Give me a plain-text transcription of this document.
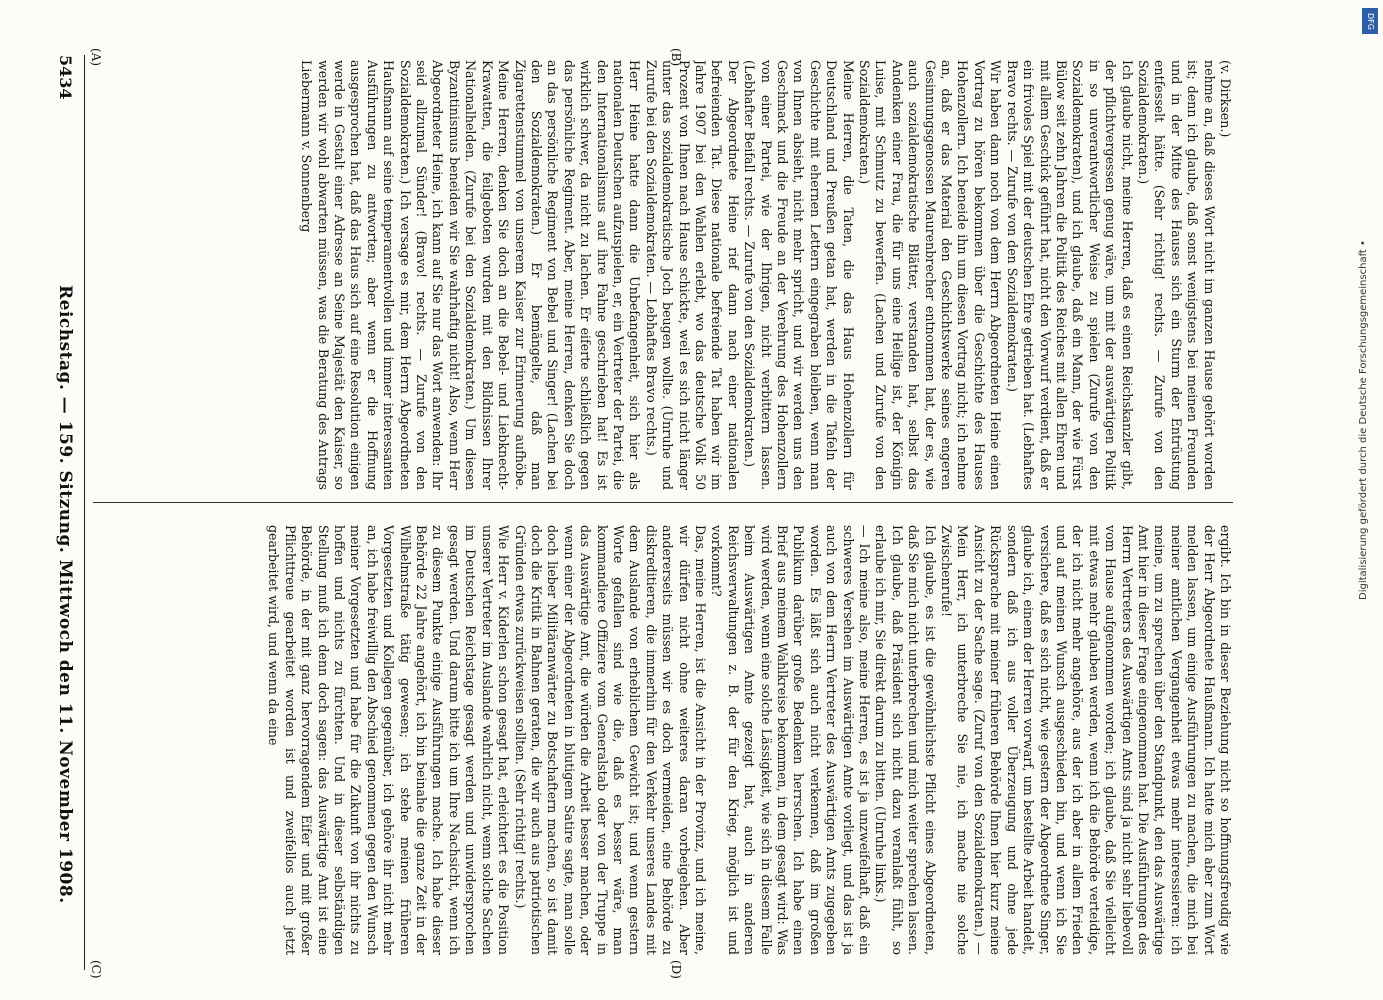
DFG
Digitalisierung gefördert durch die Deutsche Forschungsgemeinschaft •
5434
Reichstag. — 159. Sitzung. Mittwoch den 11. November 1908.

(v. Dirksen.)

nehme an, daß dieses Wort nicht im ganzen Hause gehört worden ist; denn ich glaube, daß sonst wenigstens bei meinen Freunden und in der Mitte des Hauses sich ein Sturm der Entrüstung entfesselt hätte. (Sehr richtig! rechts. — Zurufe von den Sozialdemokraten.)

Ich glaube nicht, meine Herren, daß es einen Reichskanzler gibt, der pflichtvergessen genug wäre, um mit der auswärtigen Politik in so unverantwortlicher Weise zu spielen (Zurufe von den Sozialdemokraten), und ich glaube, daß ein Mann, der wie Fürst Bülow seit zehn Jahren die Politik des Reiches mit allen Ehren und mit allem Geschick geführt hat, nicht den Vorwurf verdient, daß er ein frivoles Spiel mit der deutschen Ehre getrieben hat. (Lebhaftes Bravo rechts. — Zurufe von den Sozialdemokraten.)

Wir haben dann noch von dem Herrn Abgeordneten Heine einen Vortrag zu hören bekommen über die Geschichte des Hauses Hohenzollern. Ich beneide ihn um diesen Vortrag nicht; ich nehme an, daß er das Material den Geschichtswerke seines engeren Gesinnungsgenossen Maurenbrecher entnommen hat, der es, wie auch sozialdemokratische Blätter, verstanden hat, selbst das Andenken einer Frau, die für uns eine Heilige ist, der Königin Luise, mit Schmutz zu bewerfen. (Lachen und Zurufe von den Sozialdemokraten.)

Meine Herren, die Taten, die das Haus Hohenzollern für Deutschland und Preußen getan hat, werden in die Tafeln der Geschichte mit ehernen Lettern eingegraben bleiben, wenn man von Ihnen absieht, nicht mehr spricht, und wir werden uns den Geschmack und die Freude an der Verehrung des Hohenzollern von einer Partei, wie der Ihrigen, nicht verbittern lassen. (Lebhafter Beifall rechts. — Zurufe von den Sozialdemokraten.)

Der Abgeordnete Heine rief dann nach einer nationalen befreienden Tat. Diese nationale befreiende Tat haben wir im Jahre 1907 bei den Wahlen erlebt, wo das deutsche Volk 50 Prozent von Ihnen nach Hause schickte, weil es sich nicht länger unter das sozialdemokratische Joch beugen wollte. (Unruhe und Zurufe bei den Sozialdemokraten. — Lebhaftes Bravo rechts.)

Herr Heine hatte dann die Unbefangenheit, sich hier als nationalen Deutschen aufzuspielen, er, ein Vertreter der Partei, die den Internationalismus auf ihre Fahne geschrieben hat! Es ist wirklich schwer, da nicht zu lachen. Er eiferte schließlich gegen das persönliche Regiment. Aber, meine Herren, denken Sie doch an das persönliche Regiment von Bebel und Singer! (Lachen bei den Sozialdemokraten.) Er bemängelte, daß man Zigarettenstummel von unserem Kaiser zur Erinnerung aufhöbe. Meine Herren, denken Sie doch an die Bebel- und Liebknecht-Krawatten, die feilgeboten wurden mit den Bildnissen Ihrer Nationalhelden. (Zurufe bei den Sozialdemokraten.) Um diesen Byzantinismus beneiden wir Sie wahrhaftig nicht! Also, wenn Herr Abgeordneter Heine, ich kann auf Sie nur das Wort anwenden: Ihr seid allzumal Sünder! (Bravo! rechts. — Zurufe von den Sozialdemokraten.) Ich versage es mir, dem Herrn Abgeordneten Haußmann auf seine temperamentvollen und immer interessanten Ausführungen zu antworten; aber wenn er die Hoffnung ausgesprochen hat, daß das Haus sich auf eine Resolution einigen werde in Gestalt einer Adresse an Seine Majestät den Kaiser, so werden wir wohl abwarten müssen, was die Beratung des Antrags Liebermann v. Sonnenberg

ergibt. Ich bin in dieser Beziehung nicht so hoffnungsfreudig wie der Herr Abgeordnete Haußmann. Ich hatte mich aber zum Wort melden lassen, um einige Ausführungen zu machen, die mich bei meiner amtlichen Vergangenheit etwas mehr interessieren: ich meine, um zu sprechen über den Standpunkt, den das Auswärtige Amt hier in dieser Frage eingenommen hat. Die Ausführungen des Herrn Vertreters des Auswärtigen Amts sind ja nicht sehr liebevoll vom Hause aufgenommen worden; ich glaube, daß Sie vielleicht mit etwas mehr glauben werden, wenn ich die Behörde verteidige, der ich nicht mehr angehöre, aus der ich aber in allem Frieden und auf meinen Wunsch ausgeschieden bin, und wenn ich Sie versichere, daß es sich nicht, wie gestern der Abgeordnete Singer, glaube ich, einem der Herren vorwarf, um bestellte Arbeit handelt, sondern daß ich aus voller Überzeugung und ohne jede Rücksprache mit meiner früheren Behörde Ihnen hier kurz meine Ansicht zu der Sache sage. (Zuruf von den Sozialdemokraten.) — Mein Herr, ich unterbreche Sie nie, ich mache nie solche Zwischenrufe!

Ich glaube, es ist die gewöhnlichste Pflicht eines Abgeordneten, daß Sie mich nicht unterbrechen und mich weiter sprechen lassen. Ich glaube, daß Präsident sich nicht dazu veranlaßt fühlt, so erlaube ich mir, Sie direkt darum zu bitten. (Unruhe links.)

— Ich meine also, meine Herren, es ist ja unzweifelhaft, daß ein schweres Versehen im Auswärtigen Amte vorliegt, und das ist ja auch von dem Herrn Vertreter des Auswärtigen Amts zugegeben worden. Es läßt sich auch nicht verkennen, daß im großen Publikum darüber große Bedenken herrschen. Ich habe einen Brief aus meinem Wahlkreise bekommen, in dem gesagt wird: Was wird werden, wenn eine solche Lässigkeit, wie sich in diesem Falle beim Auswärtigen Amte gezeigt hat, auch in anderen Reichsverwaltungen z. B. der für den Krieg, möglich ist und vorkommt?

Das, meine Herren, ist die Ansicht in der Provinz, und ich meine, wir dürfen nicht ohne weiteres daran vorbeigehen. Aber andererseits müssen wir es doch vermeiden, eine Behörde zu diskreditieren, die immerhin für den Verkehr unseres Landes mit dem Auslande von erheblichem Gewicht ist; und wenn gestern Worte gefallen sind wie die, daß es besser wäre, man kommandiere Offiziere vom Generalstab oder von der Truppe in das Auswärtige Amt, die würden die Arbeit besser machen, oder wenn einer der Abgeordneten in blutigem Satire sagte, man solle doch lieber Militäranwärter zu Botschaftern machen, so ist damit doch die Kritik in Bahnen geraten, die wir auch aus patriotischen Gründen etwas zurückweisen sollten. (Sehr richtig! rechts.)

Wie Herr v. Kiderlen schon gesagt hat, erleichtert es die Position unserer Vertreter im Auslande wahrlich nicht, wenn solche Sachen im Deutschen Reichstage gesagt werden und unwidersprochen gesagt werden. Und darum bitte ich um Ihre Nachsicht, wenn ich zu diesem Punkte einige Ausführungen mache. Ich habe dieser Behörde 22 Jahre angehört, ich bin beinahe die ganze Zeit in der Wilhelmstraße tätig gewesen; ich stehe meinen früheren Vorgesetzten und Kollegen gegenüber, ich gehöre ihr nicht mehr an, ich habe freiwillig den Abschied genommen gegen den Wunsch meiner Vorgesetzten und habe für die Zukunft von ihr nichts zu hoffen und nichts zu fürchten. Und in dieser selbständigen Stellung muß ich denn doch sagen: das Auswärtige Amt ist eine Behörde, in der mit ganz hervorragendem Eifer und mit großer Pflichttreue gearbeitet worden ist und zweifellos auch jetzt gearbeitet wird, und wenn da eine

(A)	(B)
(C)	(D)
